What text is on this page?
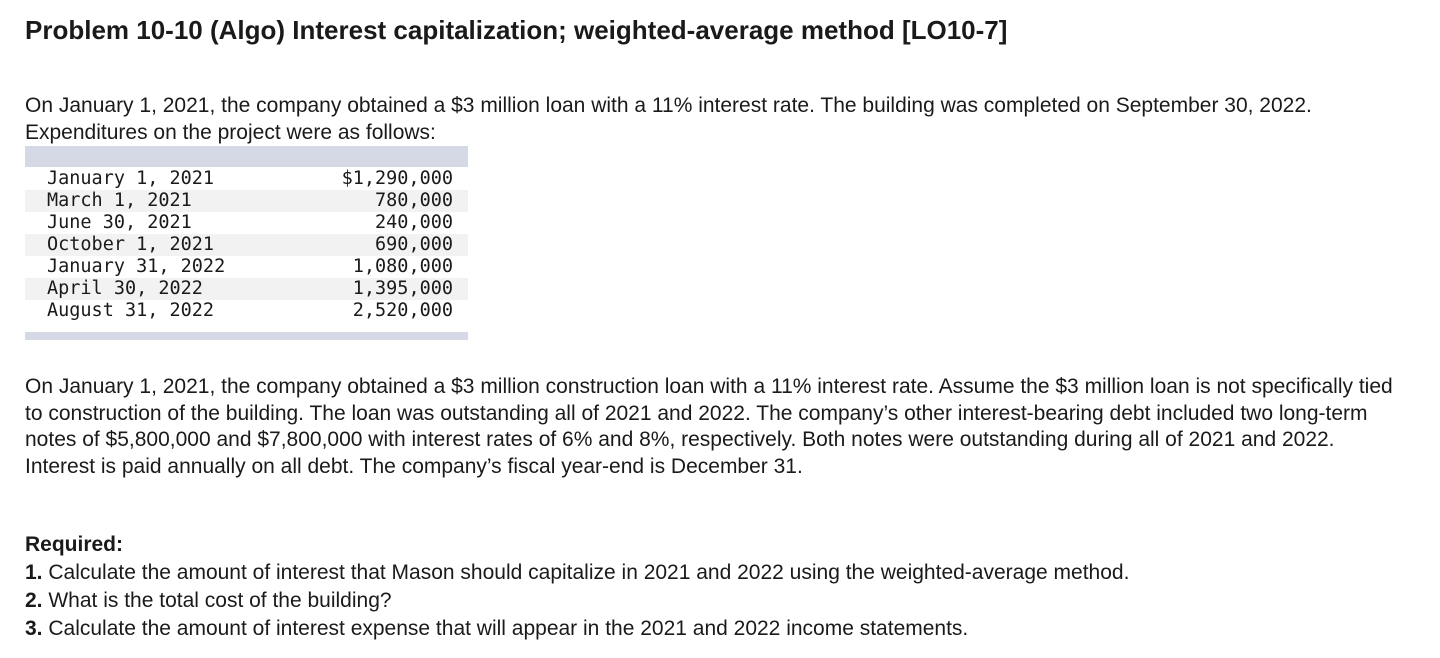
Problem 10-10 (Algo) Interest capitalization; weighted-average method [LO10-7]

On January 1, 2021, the company obtained a $3 million loan with a 11% interest rate. The building was completed on September 30, 2022. Expenditures on the project were as follows:

January 1, 2021	$1,290,000
March 1, 2021	780,000
June 30, 2021	240,000
October 1, 2021	690,000
January 31, 2022	1,080,000
April 30, 2022	1,395,000
August 31, 2022	2,520,000

On January 1, 2021, the company obtained a $3 million construction loan with a 11% interest rate. Assume the $3 million loan is not specifically tied to construction of the building. The loan was outstanding all of 2021 and 2022. The company’s other interest-bearing debt included two long-term notes of $5,800,000 and $7,800,000 with interest rates of 6% and 8%, respectively. Both notes were outstanding during all of 2021 and 2022. Interest is paid annually on all debt. The company’s fiscal year-end is December 31.

Required:
1. Calculate the amount of interest that Mason should capitalize in 2021 and 2022 using the weighted-average method.
2. What is the total cost of the building?
3. Calculate the amount of interest expense that will appear in the 2021 and 2022 income statements.
